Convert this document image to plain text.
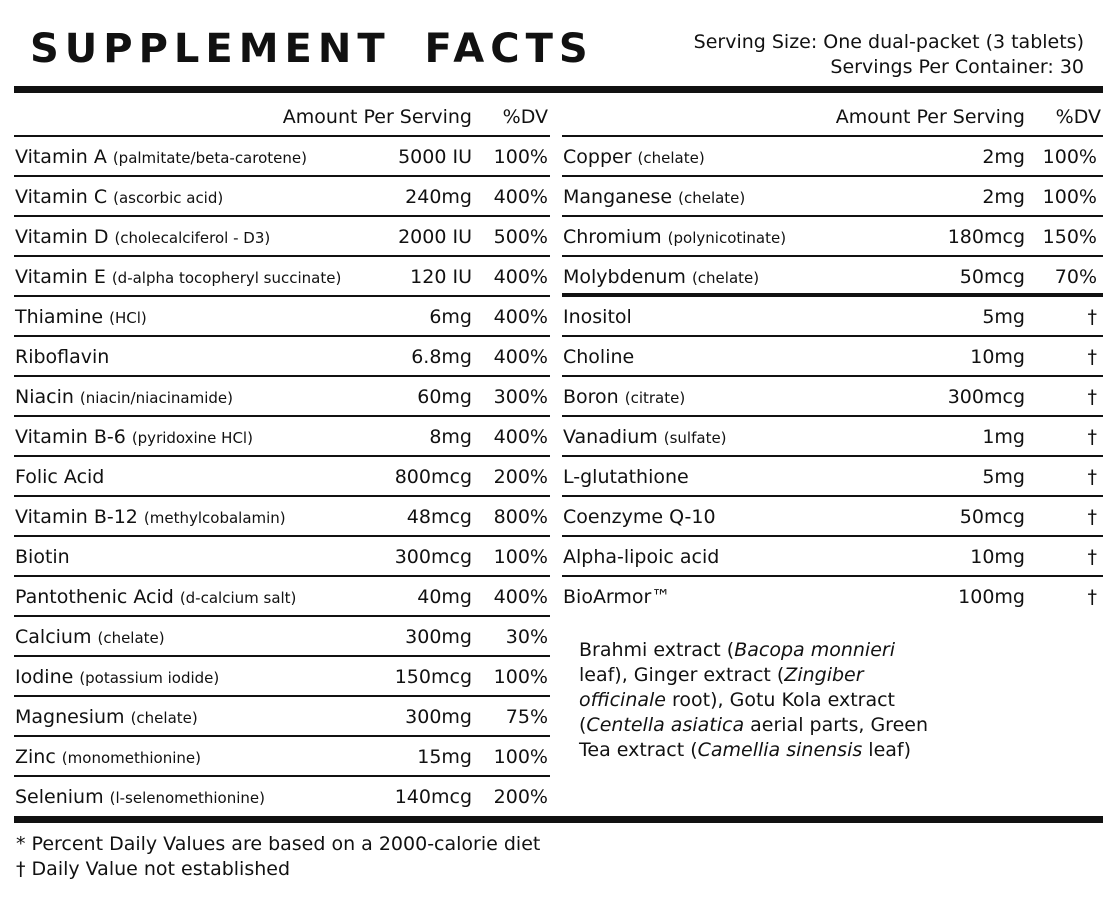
SUPPLEMENT FACTS	Serving Size: One dual-packet (3 tablets)
Servings Per Container: 30
Amount Per Serving %DV
Vitamin A (palmitate/beta-carotene)	5000 IU 100%
Vitamin C (ascorbic acid)	240mg 400%
Vitamin D (cholecalciferol - D3)	2000 IU 500%
Vitamin E (d-alpha tocopheryl succinate)	120 IU 400%
Thiamine (HCl)	6mg 400%
Riboflavin	6.8mg 400%
Niacin (niacin/niacinamide)	60mg 300%
Vitamin B-6 (pyridoxine HCl)	8mg 400%
Folic Acid	800mcg 200%
Vitamin B-12 (methylcobalamin)	48mcg 800%
Biotin	300mcg 100%
Pantothenic Acid (d-calcium salt)	40mg 400%
Calcium (chelate)	300mg 30%
Iodine (potassium iodide)	150mcg 100%
Magnesium (chelate)	300mg 75%
Zinc (monomethionine)	15mg 100%
Selenium (l-selenomethionine)	140mcg 200%
Amount Per Serving %DV
Copper (chelate)	2mg 100%
Manganese (chelate)	2mg 100%
Chromium (polynicotinate)	180mcg 150%
Molybdenum (chelate)	50mcg 70%
Inositol	5mg	†
Choline	10mg	†
Boron (citrate)	300mcg	†
Vanadium (sulfate)	1mg	†
L-glutathione	5mg	†
Coenzyme Q-10	50mcg	†
Alpha-lipoic acid	10mg	†
BioArmor™	100mg	†
Brahmi extract (Bacopa monnieri leaf), Ginger extract (Zingiber officinale root), Gotu Kola extract (Centella asiatica aerial parts, Green Tea extract (Camellia sinensis leaf)
* Percent Daily Values are based on a 2000-calorie diet
† Daily Value not established
